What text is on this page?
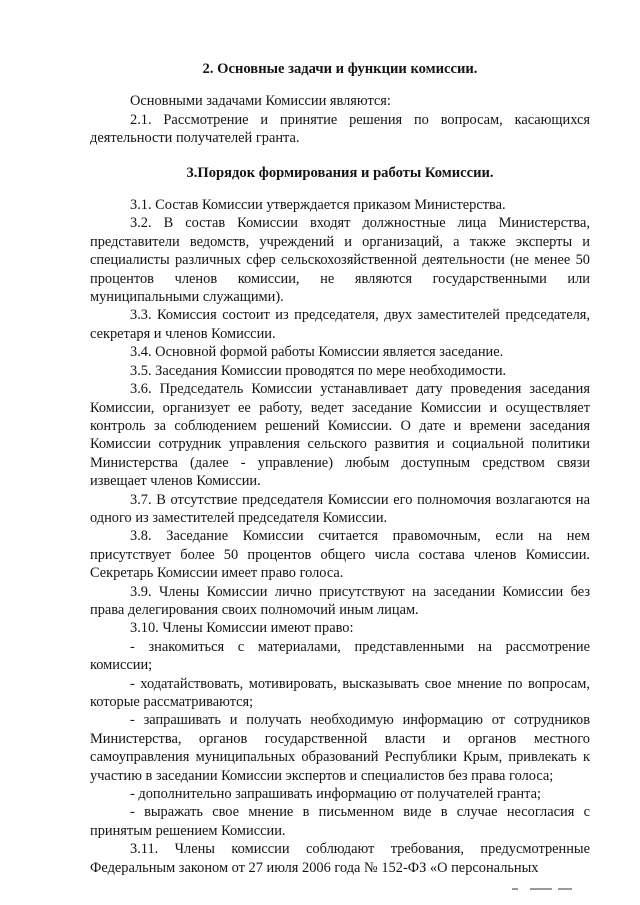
2. Основные задачи и функции комиссии.

Основными задачами Комиссии являются:

2.1. Рассмотрение и принятие решения по вопросам, касающихся деятельности получателей гранта.

3.Порядок формирования и работы Комиссии.

3.1. Состав Комиссии утверждается приказом Министерства.

3.2. В состав Комиссии входят должностные лица Министерства, представители ведомств, учреждений и организаций, а также эксперты и специалисты различных сфер сельскохозяйственной деятельности (не менее 50 процентов членов комиссии, не являются государственными или муниципальными служащими).

3.3. Комиссия состоит из председателя, двух заместителей председателя, секретаря и членов Комиссии.

3.4. Основной формой работы Комиссии является заседание.

3.5. Заседания Комиссии проводятся по мере необходимости.

3.6. Председатель Комиссии устанавливает дату проведения заседания Комиссии, организует ее работу, ведет заседание Комиссии и осуществляет контроль за соблюдением решений Комиссии. О дате и времени заседания Комиссии сотрудник управления сельского развития и социальной политики Министерства (далее - управление) любым доступным средством связи извещает членов Комиссии.

3.7. В отсутствие председателя Комиссии его полномочия возлагаются на одного из заместителей председателя Комиссии.

3.8. Заседание Комиссии считается правомочным, если на нем присутствует более 50 процентов общего числа состава членов Комиссии. Секретарь Комиссии имеет право голоса.

3.9. Члены Комиссии лично присутствуют на заседании Комиссии без права делегирования своих полномочий иным лицам.

3.10. Члены Комиссии имеют право:

- знакомиться с материалами, представленными на рассмотрение комиссии;

- ходатайствовать, мотивировать, высказывать свое мнение по вопросам, которые рассматриваются;

- запрашивать и получать необходимую информацию от сотрудников Министерства, органов государственной власти и органов местного самоуправления муниципальных образований Республики Крым, привлекать к участию в заседании Комиссии экспертов и специалистов без права голоса;

- дополнительно запрашивать информацию от получателей гранта;

- выражать свое мнение в письменном виде в случае несогласия с принятым решением Комиссии.

3.11. Члены комиссии соблюдают требования, предусмотренные Федеральным законом от 27 июля 2006 года № 152-ФЗ «О персональных
